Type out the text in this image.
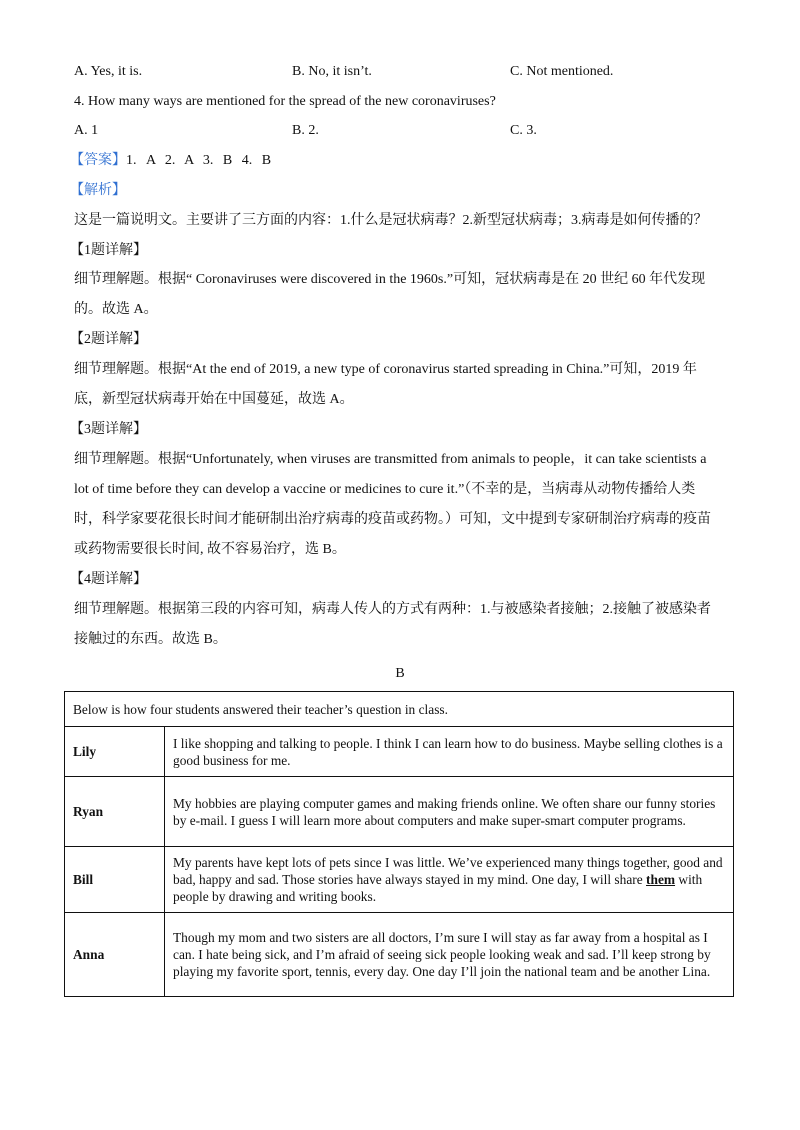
A. Yes, it is.	B. No, it isn’t.	C. Not mentioned.
4. How many ways are mentioned for the spread of the new coronaviruses?
A. 1	B. 2.	C. 3.
【答案】1. A 2. A 3. B 4. B
【解析】
这是一篇说明文。主要讲了三方面的内容：1.什么是冠状病毒？2.新型冠状病毒；3.病毒是如何传播的？
【1题详解】
细节理解题。根据“ Coronaviruses were discovered in the 1960s.”可知，冠状病毒是在 20 世纪 60 年代发现
的。故选 A。
【2题详解】
细节理解题。根据“At the end of 2019, a new type of coronavirus started spreading in China.”可知，2019 年
底，新型冠状病毒开始在中国蔓延，故选 A。
【3题详解】
细节理解题。根据“Unfortunately, when viruses are transmitted from animals to people，it can take scientists a
lot of time before they can develop a vaccine or medicines to cure it.”（不幸的是，当病毒从动物传播给人类
时，科学家要花很长时间才能研制出治疗病毒的疫苗或药物。）可知，文中提到专家研制治疗病毒的疫苗
或药物需要很长时间, 故不容易治疗，选 B。
【4题详解】
细节理解题。根据第三段的内容可知，病毒人传人的方式有两种：1.与被感染者接触；2.接触了被感染者
接触过的东西。故选 B。
B
Below is how four students answered their teacher’s question in class.	
Lily	I like shopping and talking to people. I think I can learn how to do business. Maybe selling clothes is a good business for me.
Ryan	My hobbies are playing computer games and making friends online. We often share our funny stories by e-mail. I guess I will learn more about computers and make super-smart computer programs.
Bill	My parents have kept lots of pets since I was little. We’ve experienced many things together, good and bad, happy and sad. Those stories have always stayed in my mind. One day, I will share them with people by drawing and writing books.
Anna	Though my mom and two sisters are all doctors, I’m sure I will stay as far away from a hospital as I can. I hate being sick, and I’m afraid of seeing sick people looking weak and sad. I’ll keep strong by playing my favorite sport, tennis, every day. One day I’ll join the national team and be another Lina.
